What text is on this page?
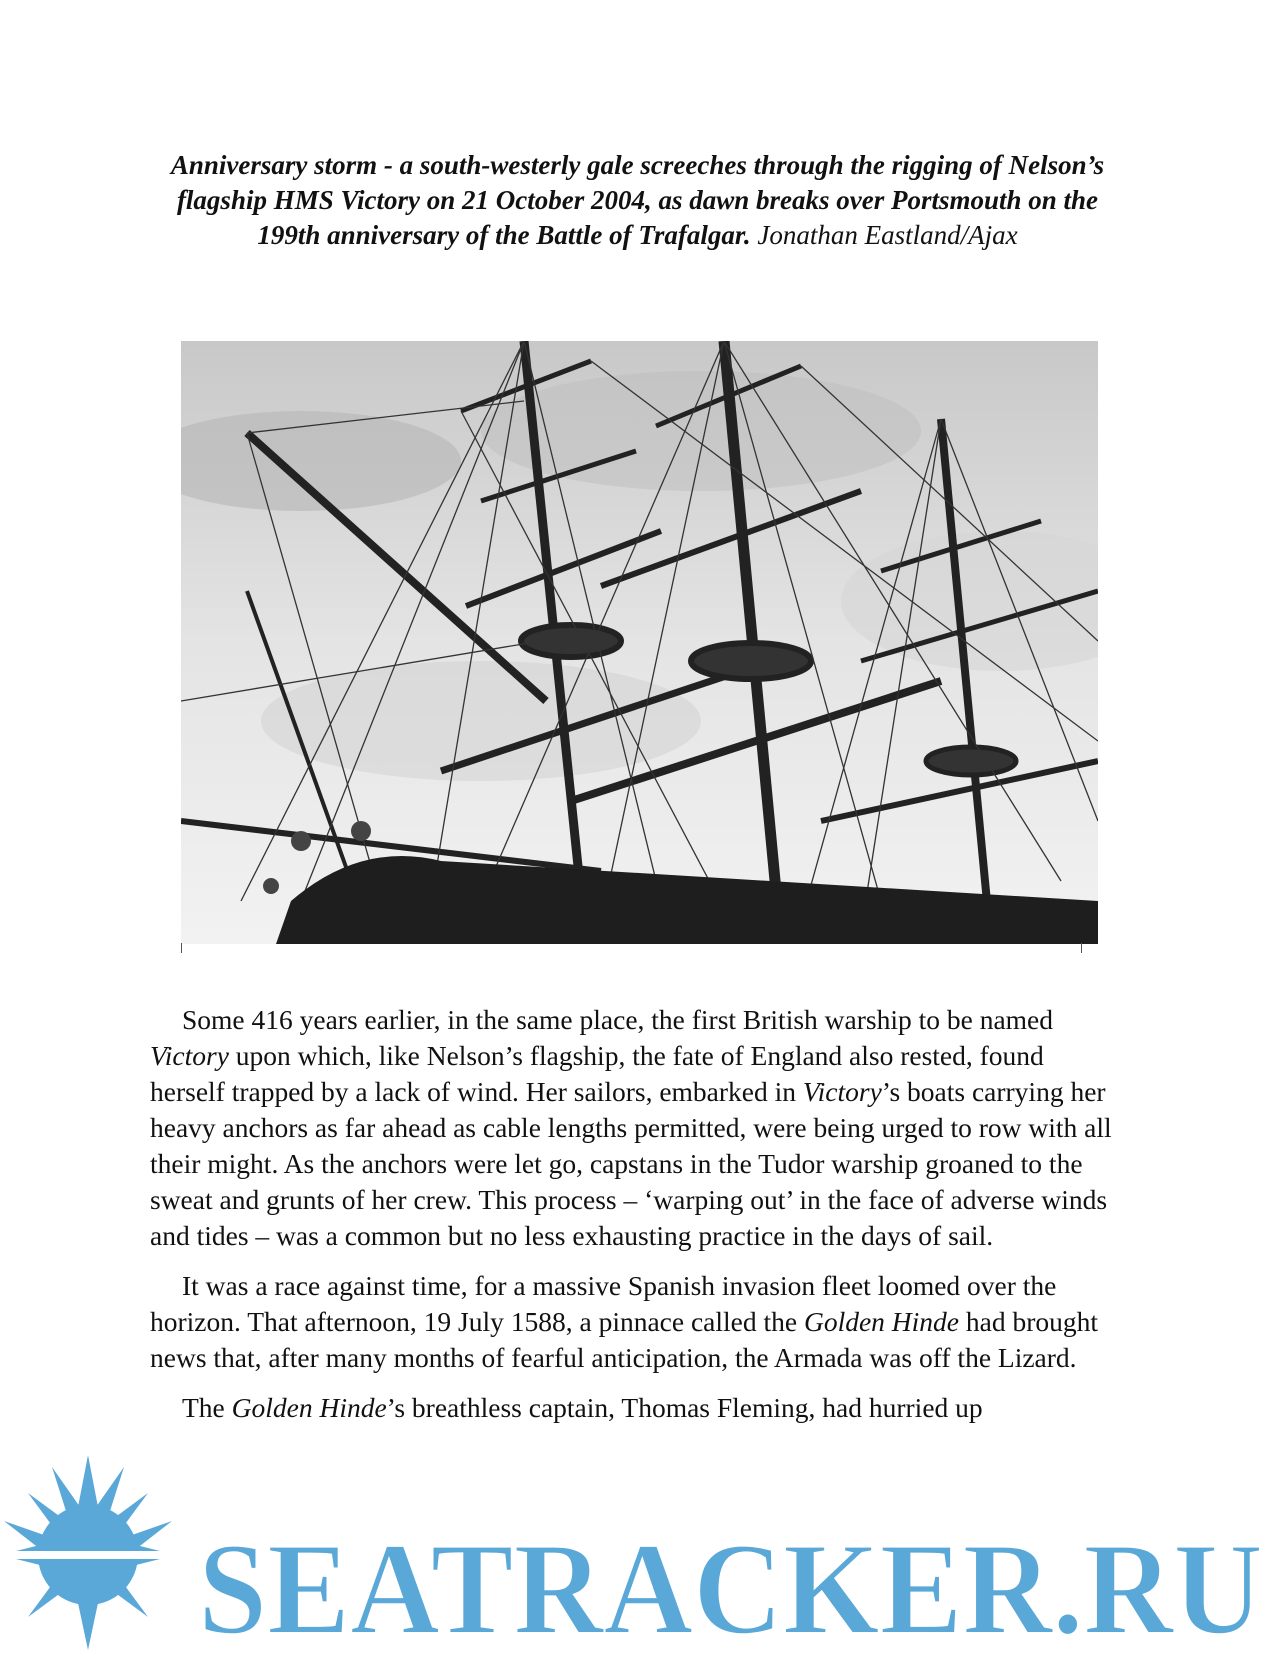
Anniversary storm - a south-westerly gale screeches through the rigging of Nelson’s flagship HMS Victory on 21 October 2004, as dawn breaks over Portsmouth on the 199th anniversary of the Battle of Trafalgar. Jonathan Eastland/Ajax

Some 416 years earlier, in the same place, the first British warship to be named Victory upon which, like Nelson’s flagship, the fate of England also rested, found herself trapped by a lack of wind. Her sailors, embarked in Victory’s boats carrying her heavy anchors as far ahead as cable lengths permitted, were being urged to row with all their might. As the anchors were let go, capstans in the Tudor warship groaned to the sweat and grunts of her crew. This process – ‘warping out’ in the face of adverse winds and tides – was a common but no less exhausting practice in the days of sail.

It was a race against time, for a massive Spanish invasion fleet loomed over the horizon. That afternoon, 19 July 1588, a pinnace called the Golden Hinde had brought news that, after many months of fearful anticipation, the Armada was off the Lizard.

The Golden Hinde’s breathless captain, Thomas Fleming, had hurried up

SEATRACKER.RU
